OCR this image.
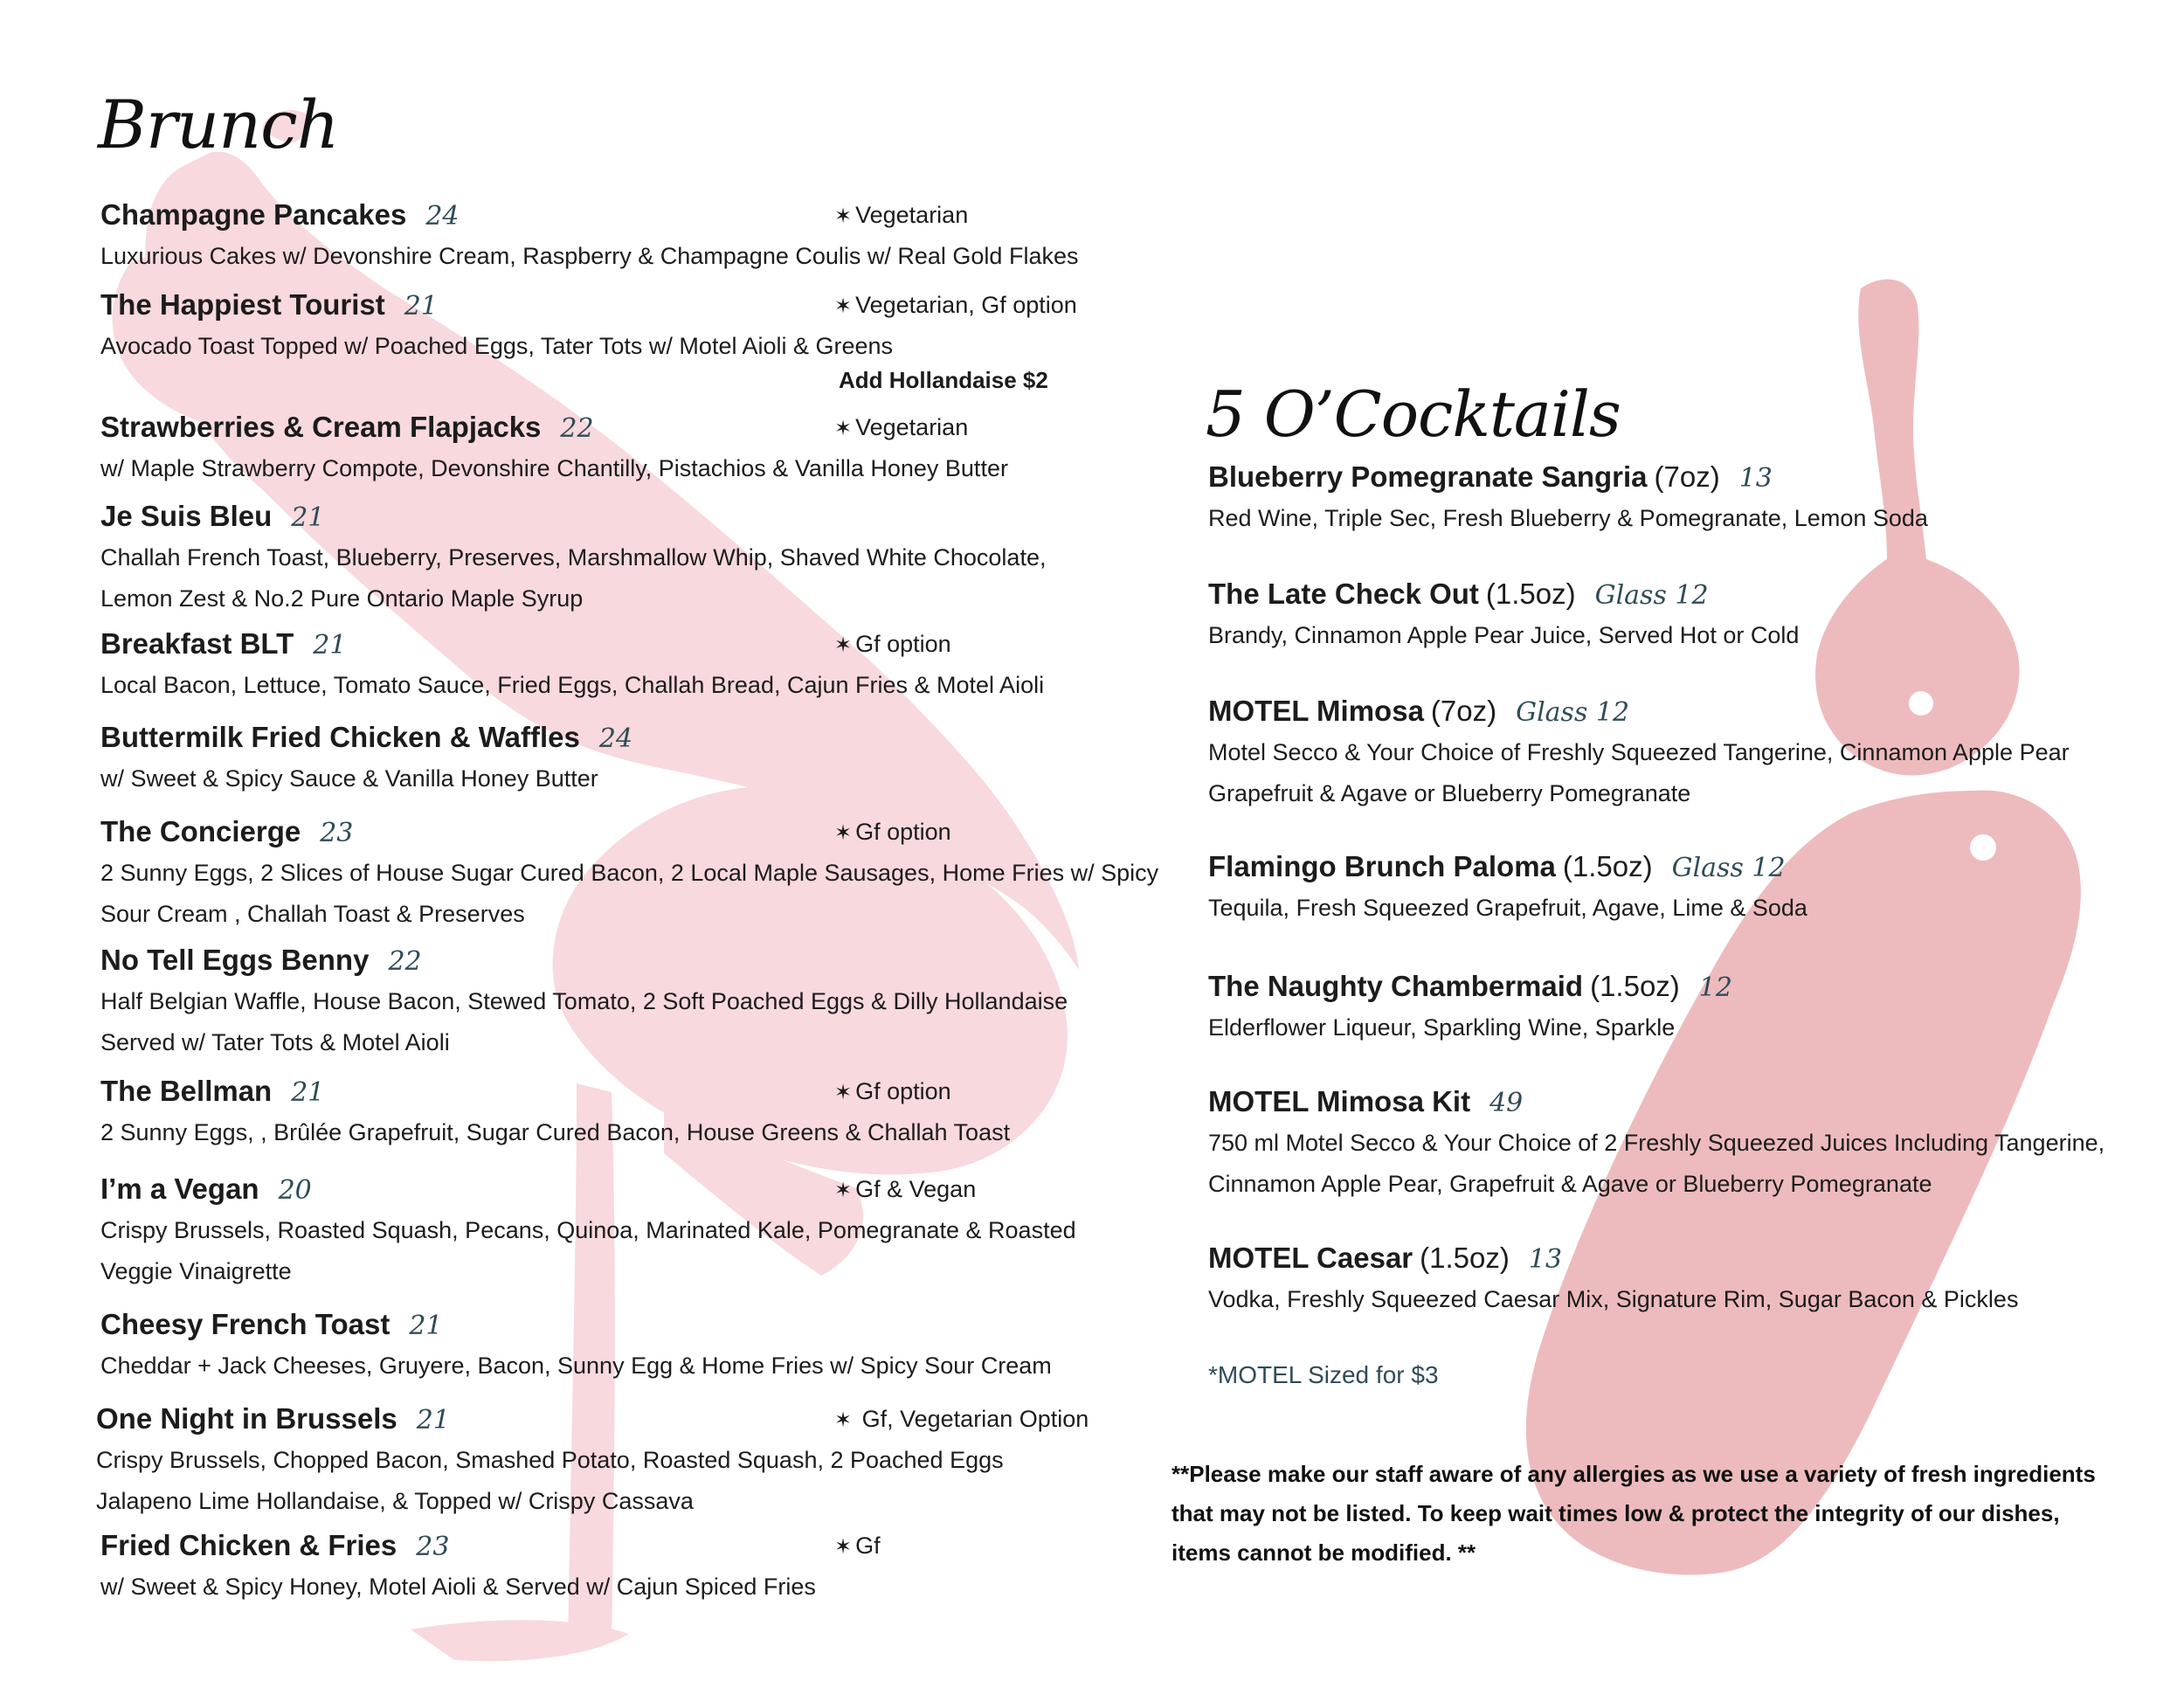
Brunch
Champagne Pancakes 24
Luxurious Cakes w/ Devonshire Cream, Raspberry & Champagne Coulis w/ Real Gold Flakes
✶ Vegetarian
The Happiest Tourist 21
Avocado Toast Topped w/ Poached Eggs, Tater Tots w/ Motel Aioli & Greens
✶ Vegetarian, Gf option
Add Hollandaise $2
Strawberries & Cream Flapjacks 22
w/ Maple Strawberry Compote, Devonshire Chantilly, Pistachios & Vanilla Honey Butter
✶ Vegetarian
Je Suis Bleu 21
Challah French Toast, Blueberry, Preserves, Marshmallow Whip, Shaved White Chocolate,
Lemon Zest & No.2 Pure Ontario Maple Syrup
Breakfast BLT 21
Local Bacon, Lettuce, Tomato Sauce, Fried Eggs, Challah Bread, Cajun Fries & Motel Aioli
✶ Gf option
Buttermilk Fried Chicken & Waffles 24
w/ Sweet & Spicy Sauce & Vanilla Honey Butter
The Concierge 23
2 Sunny Eggs, 2 Slices of House Sugar Cured Bacon, 2 Local Maple Sausages, Home Fries w/ Spicy
Sour Cream , Challah Toast & Preserves
✶ Gf option
No Tell Eggs Benny 22
Half Belgian Waffle, House Bacon, Stewed Tomato, 2 Soft Poached Eggs & Dilly Hollandaise
Served w/ Tater Tots & Motel Aioli
The Bellman 21
2 Sunny Eggs, , Brûlée Grapefruit, Sugar Cured Bacon, House Greens & Challah Toast
✶ Gf option
I’m a Vegan 20
Crispy Brussels, Roasted Squash, Pecans, Quinoa, Marinated Kale, Pomegranate & Roasted
Veggie Vinaigrette
✶ Gf & Vegan
Cheesy French Toast 21
Cheddar + Jack Cheeses, Gruyere, Bacon, Sunny Egg & Home Fries w/ Spicy Sour Cream
One Night in Brussels 21
Crispy Brussels, Chopped Bacon, Smashed Potato, Roasted Squash, 2 Poached Eggs
Jalapeno Lime Hollandaise, & Topped w/ Crispy Cassava
✶ Gf, Vegetarian Option
Fried Chicken & Fries 23
w/ Sweet & Spicy Honey, Motel Aioli & Served w/ Cajun Spiced Fries
✶ Gf
5 O’Cocktails
Blueberry Pomegranate Sangria (7oz) 13
Red Wine, Triple Sec, Fresh Blueberry & Pomegranate, Lemon Soda
The Late Check Out (1.5oz) Glass 12
Brandy, Cinnamon Apple Pear Juice, Served Hot or Cold
MOTEL Mimosa (7oz) Glass 12
Motel Secco & Your Choice of Freshly Squeezed Tangerine, Cinnamon Apple Pear
Grapefruit & Agave or Blueberry Pomegranate
Flamingo Brunch Paloma (1.5oz) Glass 12
Tequila, Fresh Squeezed Grapefruit, Agave, Lime & Soda
The Naughty Chambermaid (1.5oz) 12
Elderflower Liqueur, Sparkling Wine, Sparkle
MOTEL Mimosa Kit 49
750 ml Motel Secco & Your Choice of 2 Freshly Squeezed Juices Including Tangerine,
Cinnamon Apple Pear, Grapefruit & Agave or Blueberry Pomegranate
MOTEL Caesar (1.5oz) 13
Vodka, Freshly Squeezed Caesar Mix, Signature Rim, Sugar Bacon & Pickles
*MOTEL Sized for $3
**Please make our staff aware of any allergies as we use a variety of fresh ingredients that may not be listed. To keep wait times low & protect the integrity of our dishes, items cannot be modified. **
